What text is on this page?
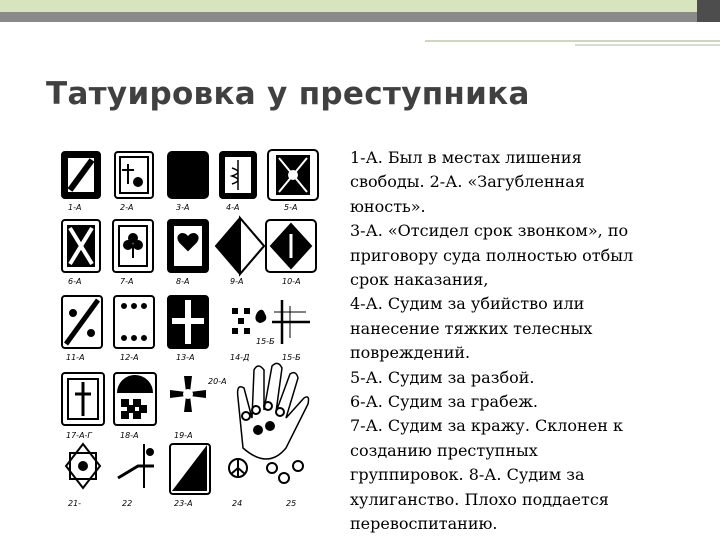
Татуировка у преступника
1-А	2-А	3-А	4-А	5-А
6-А	7-А	8-А	9-А	10-А
11-А	12-А	13-А	14-Д	15-Б
15-Б
17-А-Г	18-А	19-А
20-А
21-	22	23-А	24	25
1-А. Был в местах лишения
свободы. 2-А. «Загубленная
юность».
3-А. «Отсидел срок звонком», по
приговору суда полностью отбыл
срок наказания,
4-А. Судим за убийство или
нанесение тяжких телесных
повреждений.
5-А. Судим за разбой.
6-А. Судим за грабеж.
7-А. Судим за кражу. Склонен к
созданию преступных
группировок. 8-А. Судим за
хулиганство. Плохо поддается
перевоспитанию.
